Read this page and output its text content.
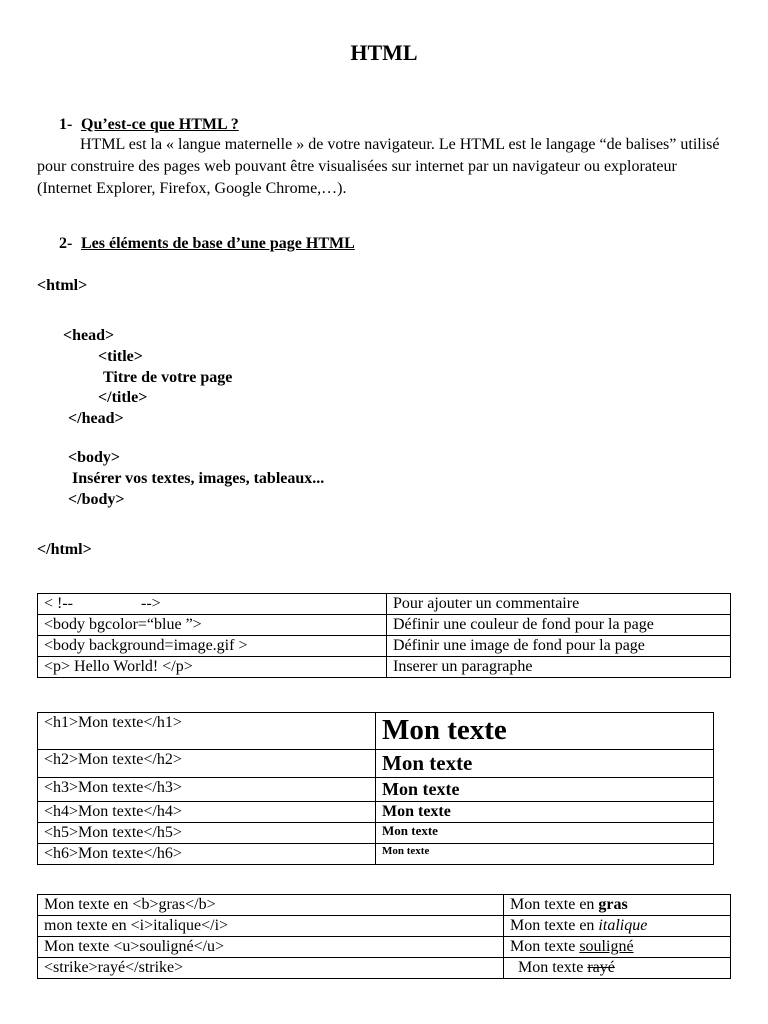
HTML
1- Qu’est-ce que HTML ?
HTML est la « langue maternelle » de votre navigateur. Le HTML est le langage “de balises” utilisé pour construire des pages web pouvant être visualisées sur internet par un navigateur ou explorateur (Internet Explorer, Firefox, Google Chrome,…).
2- Les éléments de base d’une page HTML
<html>
<head>
<title>
Titre de votre page
</title>
</head>
<body>
Insérer vos textes, images, tableaux...
</body>
</html>
< !--                 -->	Pour ajouter un commentaire
<body bgcolor=“blue ”>	Définir une couleur de fond pour la page
<body background=image.gif >	Définir une image de fond pour la page
<p> Hello World! </p>	Inserer un paragraphe
<h1>Mon texte</h1>	Mon texte
<h2>Mon texte</h2>	Mon texte
<h3>Mon texte</h3>	Mon texte
<h4>Mon texte</h4>	Mon texte
<h5>Mon texte</h5>	Mon texte
<h6>Mon texte</h6>	Mon texte
Mon texte en <b>gras</b>	Mon texte en gras
mon texte en <i>italique</i>	Mon texte en italique
Mon texte <u>souligné</u>	Mon texte souligné
<strike>rayé</strike>	Mon texte rayé
